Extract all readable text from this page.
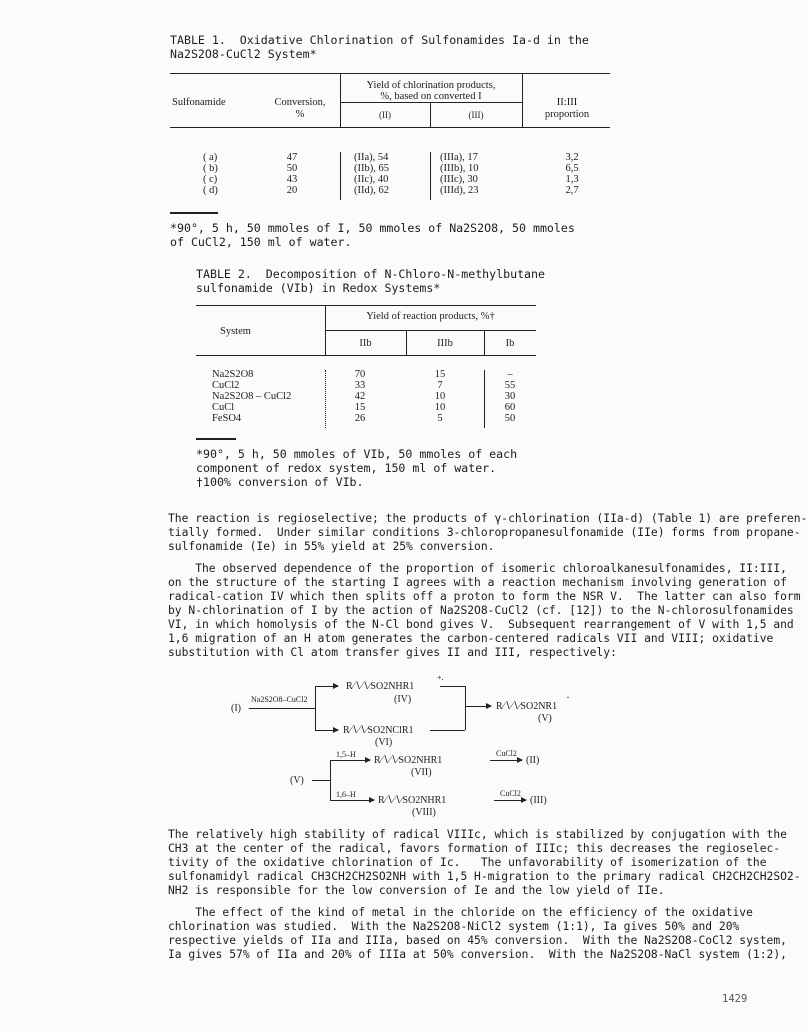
TABLE 1.  Oxidative Chlorination of Sulfonamides Ia-d in the
Na2S2O8-CuCl2 System*
Sulfonamide	Conversion,
%
Yield of chlorination products,
%, based on converted I
(II)	(III)
II:III
proportion
( a)	47	(IIa), 54	(IIIa), 17	3,2
( b)	50	(IIb), 65	(IIIb), 10	6,5
( c)	43	(IIc), 40	(IIIc), 30	1,3
( d)	20	(IId), 62	(IIId), 23	2,7
*90°, 5 h, 50 mmoles of I, 50 mmoles of Na2S2O8, 50 mmoles
of CuCl2, 150 ml of water.
TABLE 2.  Decomposition of N-Chloro-N-methylbutane
sulfonamide (VIb) in Redox Systems*
System
Yield of reaction products, %†
IIb	IIIb	Ib
Na2S2O8	70	15	–
CuCl2	33	7	55
Na2S2O8 – CuCl2	42	10	30
CuCl	15	10	60
FeSO4	26	5	50
*90°, 5 h, 50 mmoles of VIb, 50 mmoles of each
component of redox system, 150 ml of water.
†100% conversion of VIb.
The reaction is regioselective; the products of γ-chlorination (IIa-d) (Table 1) are preferen-
tially formed.  Under similar conditions 3-chloropropanesulfonamide (IIe) forms from propane-
sulfonamide (Ie) in 55% yield at 25% conversion.
The observed dependence of the proportion of isomeric chloroalkanesulfonamides, II:III,
on the structure of the starting I agrees with a reaction mechanism involving generation of
radical-cation IV which then splits off a proton to form the NSR V.  The latter can also form
by N-chlorination of I by the action of Na2S2O8-CuCl2 (cf. [12]) to the N-chlorosulfonamides
VI, in which homolysis of the N-Cl bond gives V.  Subsequent rearrangement of V with 1,5 and
1,6 migration of an H atom generates the carbon-centered radicals VII and VIII; oxidative
substitution with Cl atom transfer gives II and III, respectively:
(I)
Na2S2O8–CuCl2
R∕∖∕∖∕SO2NHR1
+.
(IV)
R∕∖∕∖∕SO2NClR1
(VI)
R∕∖∕∖∕SO2NR1
·
(V)
(V)
1,5–H
R∕∖∕∖∕SO2NHR1
(VII)
CuCl2
(II)
1,6–H
R∕∖∕∖∕SO2NHR1
(VIII)
CuCl2
(III)
The relatively high stability of radical VIIIc, which is stabilized by conjugation with the
CH3 at the center of the radical, favors formation of IIIc; this decreases the regioselec-
tivity of the oxidative chlorination of Ic.   The unfavorability of isomerization of the
sulfonamidyl radical CH3CH2CH2SO2NH with 1,5 H-migration to the primary radical CH2CH2CH2SO2-
NH2 is responsible for the low conversion of Ie and the low yield of IIe.
The effect of the kind of metal in the chloride on the efficiency of the oxidative
chlorination was studied.  With the Na2S2O8-NiCl2 system (1:1), Ia gives 50% and 20%
respective yields of IIa and IIIa, based on 45% conversion.  With the Na2S2O8-CoCl2 system,
Ia gives 57% of IIa and 20% of IIIa at 50% conversion.  With the Na2S2O8-NaCl system (1:2),
1429
